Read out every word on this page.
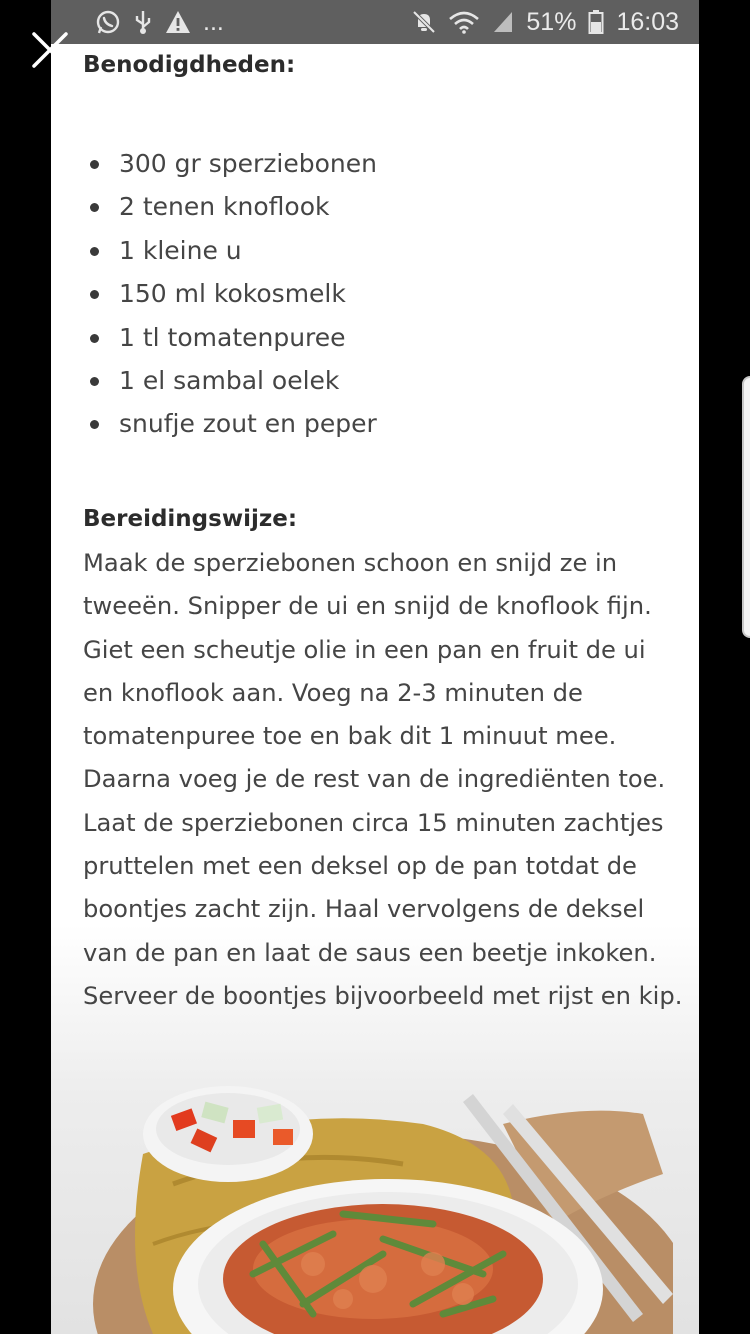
...	51% 16:03
Benodigdheden:
300 gr sperziebonen
2 tenen knoflook
1 kleine u
150 ml kokosmelk
1 tl tomatenpuree
1 el sambal oelek
snufje zout en peper
Bereidingswijze:

Maak de sperziebonen schoon en snijd ze in tweeën. Snipper de ui en snijd de knoflook fijn. Giet een scheutje olie in een pan en fruit de ui en knoflook aan. Voeg na 2-3 minuten de tomatenpuree toe en bak dit 1 minuut mee. Daarna voeg je de rest van de ingrediënten toe. Laat de sperziebonen circa 15 minuten zachtjes pruttelen met een deksel op de pan totdat de boontjes zacht zijn. Haal vervolgens de deksel van de pan en laat de saus een beetje inkoken. Serveer de boontjes bijvoorbeeld met rijst en kip.
